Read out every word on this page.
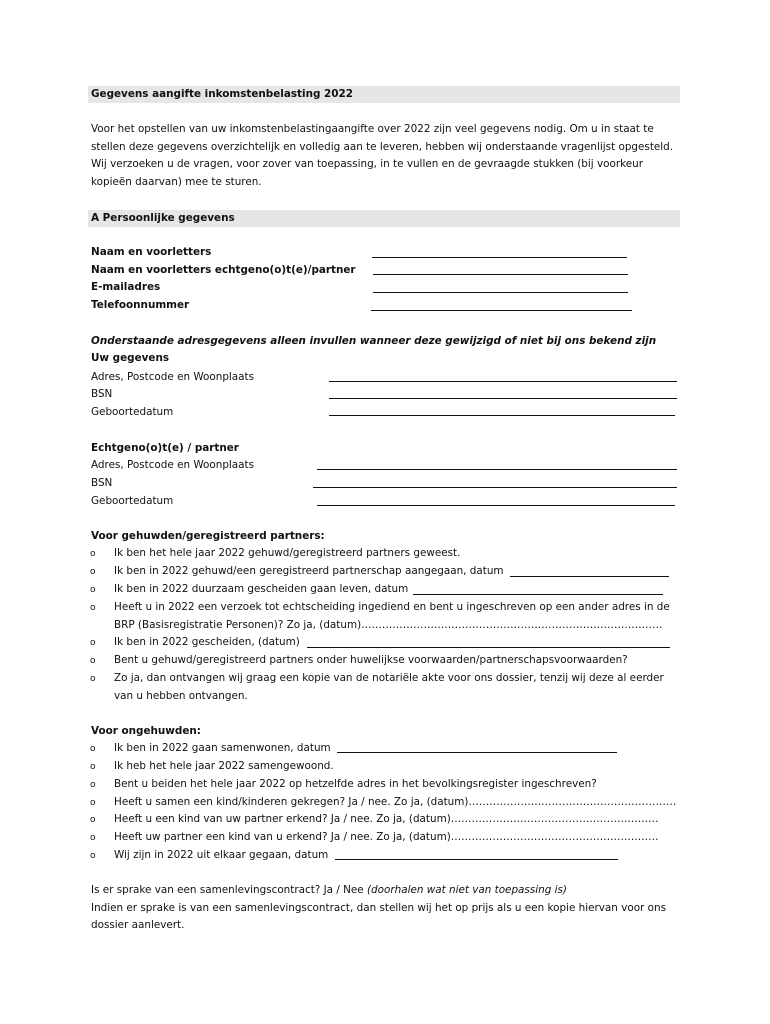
Gegevens aangifte inkomstenbelasting 2022
Voor het opstellen van uw inkomstenbelastingaangifte over 2022 zijn veel gegevens nodig. Om u in staat te
stellen deze gegevens overzichtelijk en volledig aan te leveren, hebben wij onderstaande vragenlijst opgesteld.
Wij verzoeken u de vragen, voor zover van toepassing, in te vullen en de gevraagde stukken (bij voorkeur
kopieën daarvan) mee te sturen.
A Persoonlijke gegevens
Naam en voorletters
Naam en voorletters echtgeno(o)t(e)/partner
E-mailadres
Telefoonnummer
Onderstaande adresgegevens alleen invullen wanneer deze gewijzigd of niet bij ons bekend zijn
Uw gegevens
Adres, Postcode en Woonplaats
BSN
Geboortedatum
Echtgeno(o)t(e) / partner
Adres, Postcode en Woonplaats
BSN
Geboortedatum
Voor gehuwden/geregistreerd partners:
o Ik ben het hele jaar 2022 gehuwd/geregistreerd partners geweest.
o Ik ben in 2022 gehuwd/een geregistreerd partnerschap aangegaan, datum
o Ik ben in 2022 duurzaam gescheiden gaan leven, datum
o Heeft u in 2022 een verzoek tot echtscheiding ingediend en bent u ingeschreven op een ander adres in de
BRP (Basisregistratie Personen)? Zo ja, (datum)……………………………………………………………………………
o Ik ben in 2022 gescheiden, (datum)
o Bent u gehuwd/geregistreerd partners onder huwelijkse voorwaarden/partnerschapsvoorwaarden?
o Zo ja, dan ontvangen wij graag een kopie van de notariële akte voor ons dossier, tenzij wij deze al eerder
van u hebben ontvangen.
Voor ongehuwden:
o Ik ben in 2022 gaan samenwonen, datum
o Ik heb het hele jaar 2022 samengewoond.
o Bent u beiden het hele jaar 2022 op hetzelfde adres in het bevolkingsregister ingeschreven?
o Heeft u samen een kind/kinderen gekregen? Ja / nee. Zo ja, (datum)……………………………………………………
o Heeft u een kind van uw partner erkend? Ja / nee. Zo ja, (datum)……………………………………………………
o Heeft uw partner een kind van u erkend? Ja / nee. Zo ja, (datum)……………………………………………………
o Wij zijn in 2022 uit elkaar gegaan, datum
Is er sprake van een samenlevingscontract? Ja / Nee (doorhalen wat niet van toepassing is)
Indien er sprake is van een samenlevingscontract, dan stellen wij het op prijs als u een kopie hiervan voor ons
dossier aanlevert.
